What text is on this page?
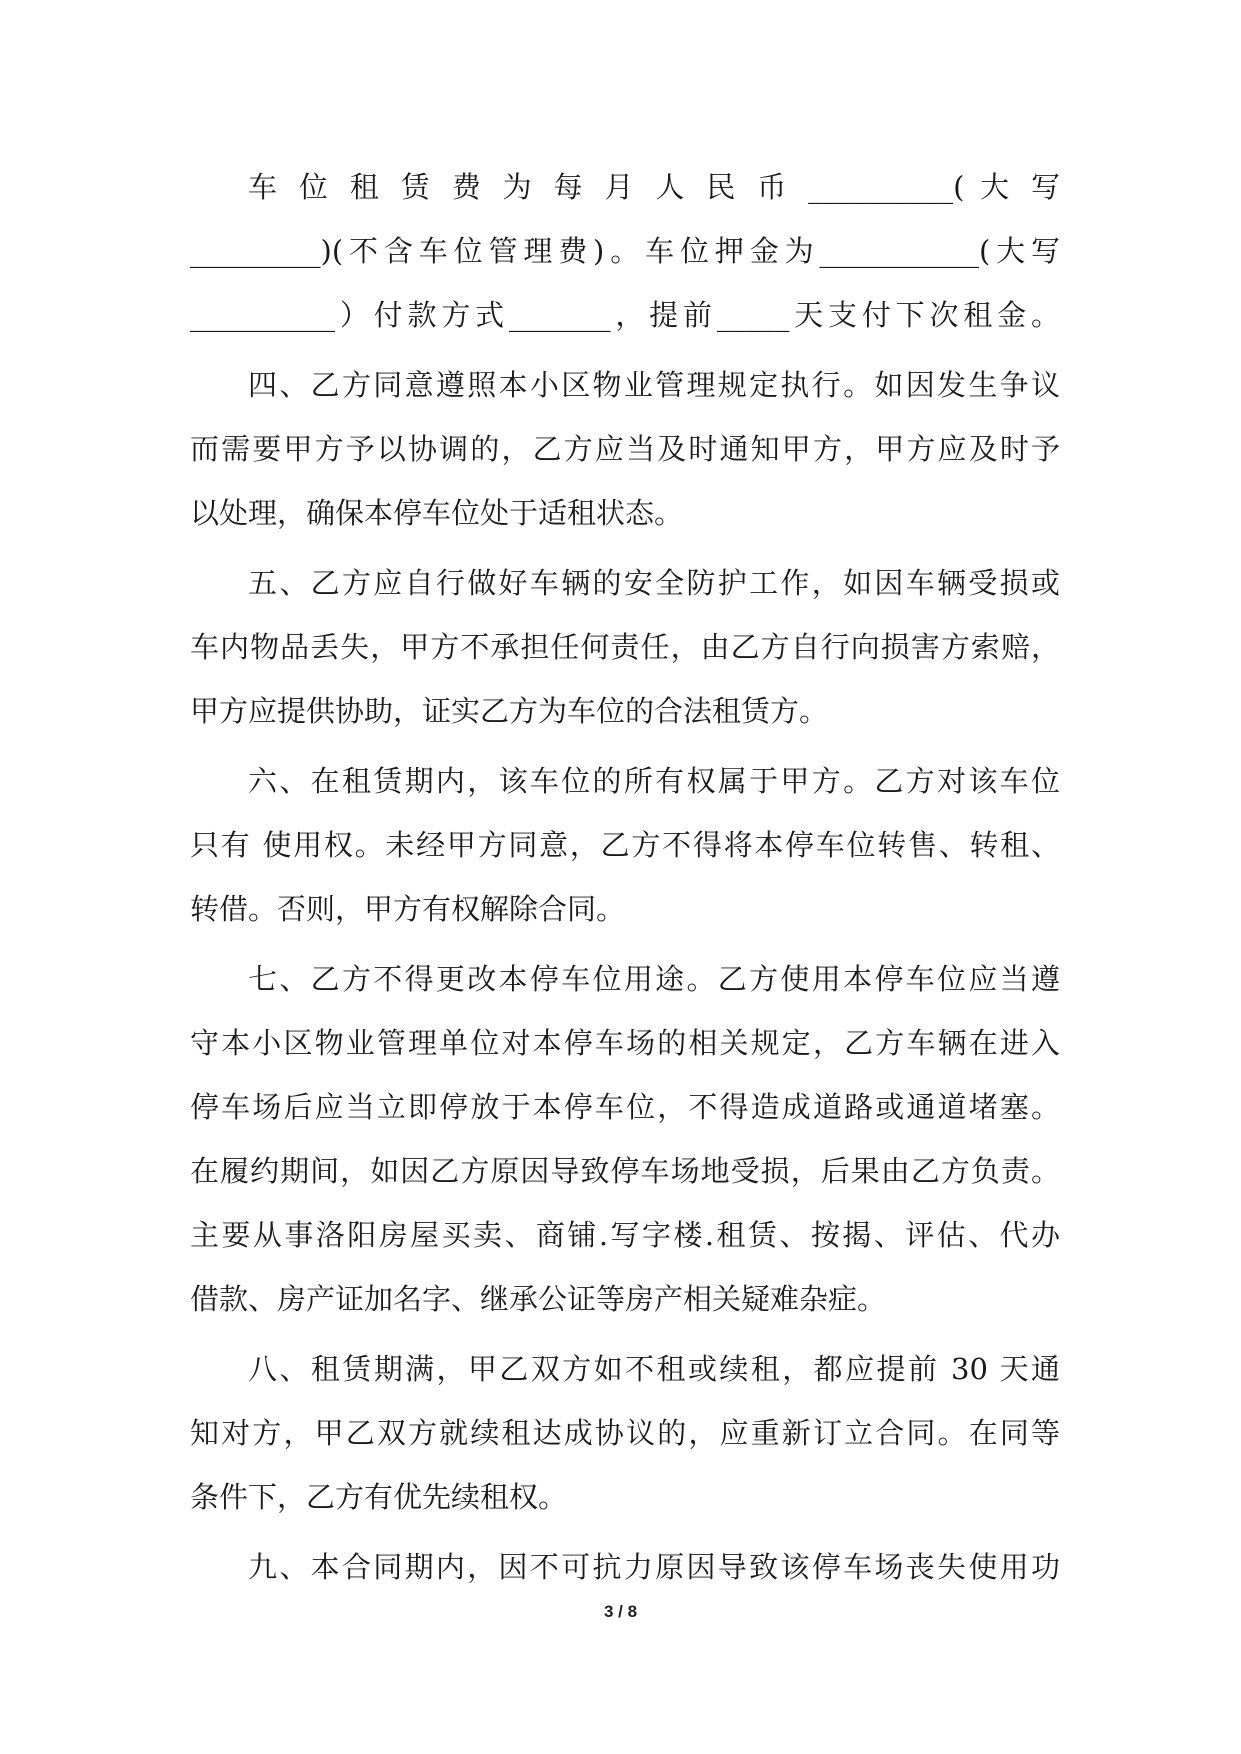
车 位 租 赁 费 为 每 月 人 民 币 __________( 大 写
_________)(不含车位管理费)。车位押金为___________(大写
__________）付款方式_______，提前_____天支付下次租金。
四、乙方同意遵照本小区物业管理规定执行。如因发生争议
而需要甲方予以协调的，乙方应当及时通知甲方，甲方应及时予
以处理，确保本停车位处于适租状态。
五、乙方应自行做好车辆的安全防护工作，如因车辆受损或
车内物品丢失，甲方不承担任何责任，由乙方自行向损害方索赔，
甲方应提供协助，证实乙方为车位的合法租赁方。
六、在租赁期内，该车位的所有权属于甲方。乙方对该车位
只有 使用权。未经甲方同意，乙方不得将本停车位转售、转租、
转借。否则，甲方有权解除合同。
七、乙方不得更改本停车位用途。乙方使用本停车位应当遵
守本小区物业管理单位对本停车场的相关规定，乙方车辆在进入
停车场后应当立即停放于本停车位，不得造成道路或通道堵塞。
在履约期间，如因乙方原因导致停车场地受损，后果由乙方负责。
主要从事洛阳房屋买卖、商铺.写字楼.租赁、按揭、评估、代办
借款、房产证加名字、继承公证等房产相关疑难杂症。
八、租赁期满，甲乙双方如不租或续租，都应提前 30 天通
知对方，甲乙双方就续租达成协议的，应重新订立合同。在同等
条件下，乙方有优先续租权。
九、本合同期内，因不可抗力原因导致该停车场丧失使用功
3 / 8
